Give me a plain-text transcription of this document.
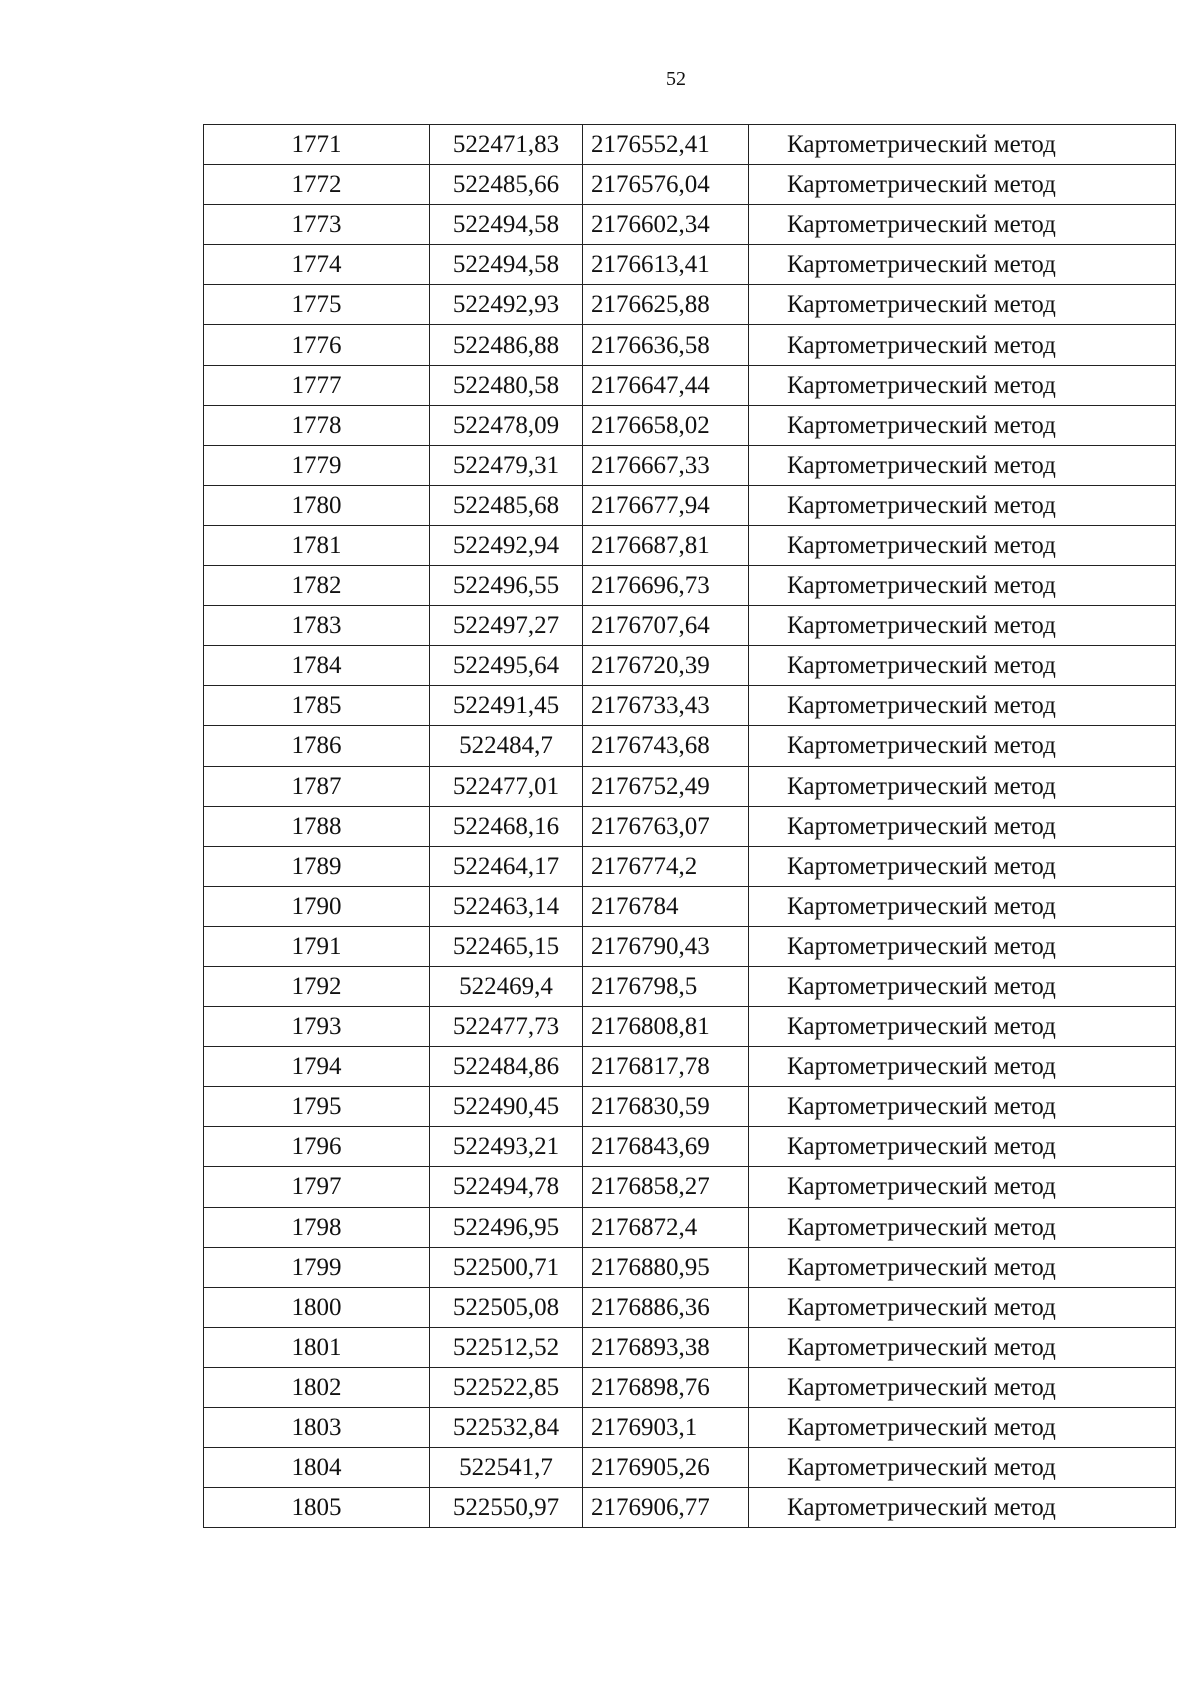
52
1771	522471,83	2176552,41	Картометрический метод
1772	522485,66	2176576,04	Картометрический метод
1773	522494,58	2176602,34	Картометрический метод
1774	522494,58	2176613,41	Картометрический метод
1775	522492,93	2176625,88	Картометрический метод
1776	522486,88	2176636,58	Картометрический метод
1777	522480,58	2176647,44	Картометрический метод
1778	522478,09	2176658,02	Картометрический метод
1779	522479,31	2176667,33	Картометрический метод
1780	522485,68	2176677,94	Картометрический метод
1781	522492,94	2176687,81	Картометрический метод
1782	522496,55	2176696,73	Картометрический метод
1783	522497,27	2176707,64	Картометрический метод
1784	522495,64	2176720,39	Картометрический метод
1785	522491,45	2176733,43	Картометрический метод
1786	522484,7	2176743,68	Картометрический метод
1787	522477,01	2176752,49	Картометрический метод
1788	522468,16	2176763,07	Картометрический метод
1789	522464,17	2176774,2	Картометрический метод
1790	522463,14	2176784	Картометрический метод
1791	522465,15	2176790,43	Картометрический метод
1792	522469,4	2176798,5	Картометрический метод
1793	522477,73	2176808,81	Картометрический метод
1794	522484,86	2176817,78	Картометрический метод
1795	522490,45	2176830,59	Картометрический метод
1796	522493,21	2176843,69	Картометрический метод
1797	522494,78	2176858,27	Картометрический метод
1798	522496,95	2176872,4	Картометрический метод
1799	522500,71	2176880,95	Картометрический метод
1800	522505,08	2176886,36	Картометрический метод
1801	522512,52	2176893,38	Картометрический метод
1802	522522,85	2176898,76	Картометрический метод
1803	522532,84	2176903,1	Картометрический метод
1804	522541,7	2176905,26	Картометрический метод
1805	522550,97	2176906,77	Картометрический метод
